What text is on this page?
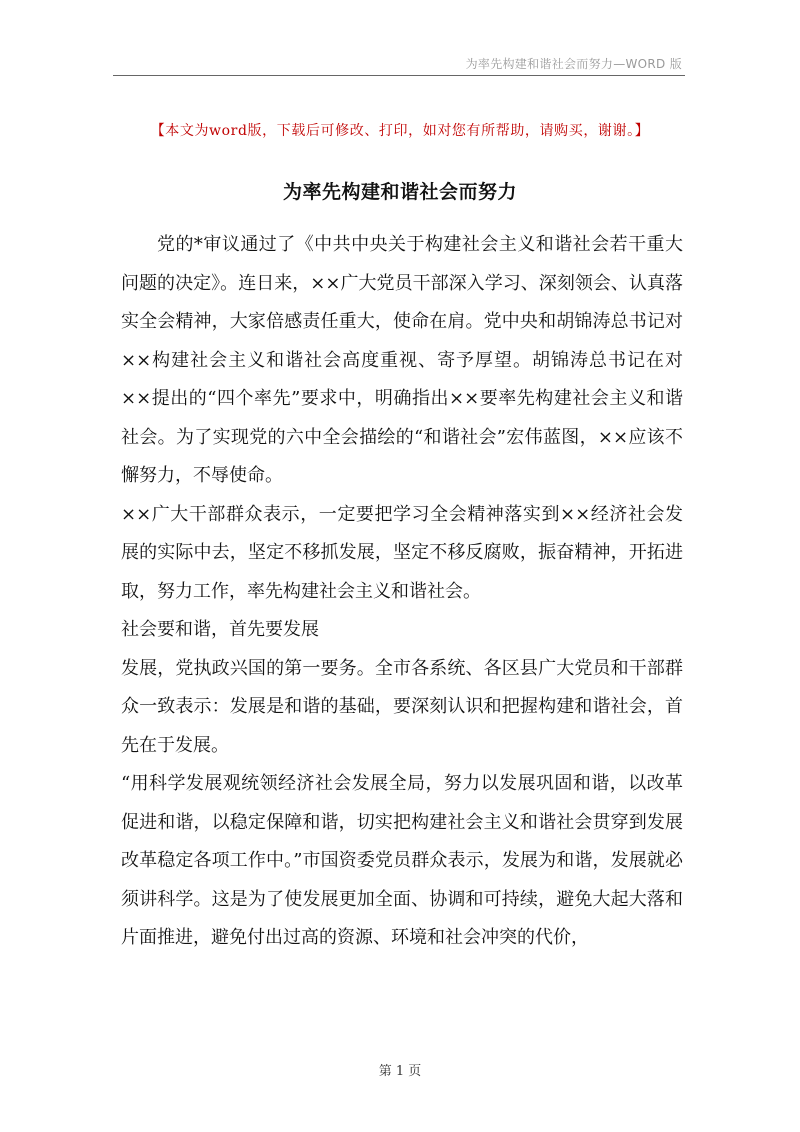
为率先构建和谐社会而努力—WORD 版
【本文为word版，下载后可修改、打印，如对您有所帮助，请购买，谢谢。】
为率先构建和谐社会而努力

党的*审议通过了《中共中央关于构建社会主义和谐社会若干重大问题的决定》。连日来，××广大党员干部深入学习、深刻领会、认真落实全会精神，大家倍感责任重大，使命在肩。党中央和胡锦涛总书记对××构建社会主义和谐社会高度重视、寄予厚望。胡锦涛总书记在对××提出的“四个率先”要求中，明确指出××要率先构建社会主义和谐社会。为了实现党的六中全会描绘的“和谐社会”宏伟蓝图，××应该不懈努力，不辱使命。

××广大干部群众表示，一定要把学习全会精神落实到××经济社会发展的实际中去，坚定不移抓发展，坚定不移反腐败，振奋精神，开拓进取，努力工作，率先构建社会主义和谐社会。

社会要和谐，首先要发展

发展，党执政兴国的第一要务。全市各系统、各区县广大党员和干部群众一致表示：发展是和谐的基础，要深刻认识和把握构建和谐社会，首先在于发展。

“用科学发展观统领经济社会发展全局，努力以发展巩固和谐，以改革促进和谐，以稳定保障和谐，切实把构建社会主义和谐社会贯穿到发展改革稳定各项工作中。”市国资委党员群众表示，发展为和谐，发展就必须讲科学。这是为了使发展更加全面、协调和可持续，避免大起大落和片面推进，避免付出过高的资源、环境和社会冲突的代价，

第 1 页
